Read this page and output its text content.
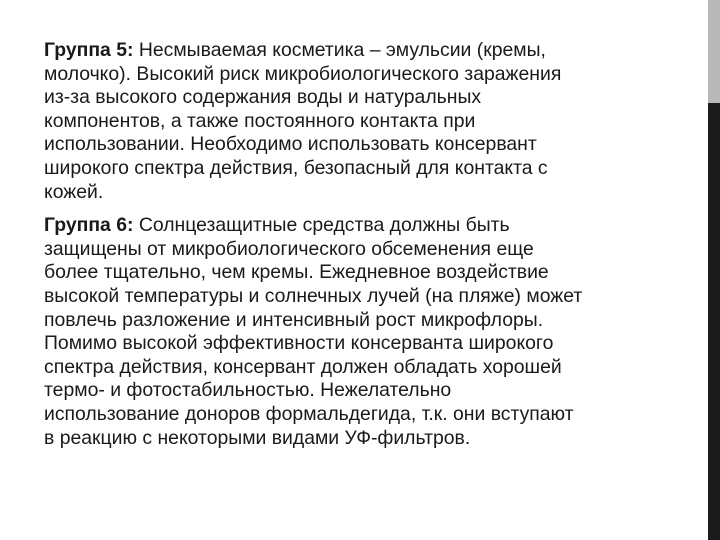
Группа 5: Несмываемая косметика – эмульсии (кремы,
молочко). Высокий риск микробиологического заражения
из-за высокого содержания воды и натуральных
компонентов, а также постоянного контакта при
использовании. Необходимо использовать консервант
широкого спектра действия, безопасный для контакта с
кожей.

Группа 6: Солнцезащитные средства должны быть
защищены от микробиологического обсеменения еще
более тщательно, чем кремы. Ежедневное воздействие
высокой температуры и солнечных лучей (на пляже) может
повлечь разложение и интенсивный рост микрофлоры.
Помимо высокой эффективности консерванта широкого
спектра действия, консервант должен обладать хорошей
термо- и фотостабильностью. Нежелательно
использование доноров формальдегида, т.к. они вступают
в реакцию с некоторыми видами УФ-фильтров.
